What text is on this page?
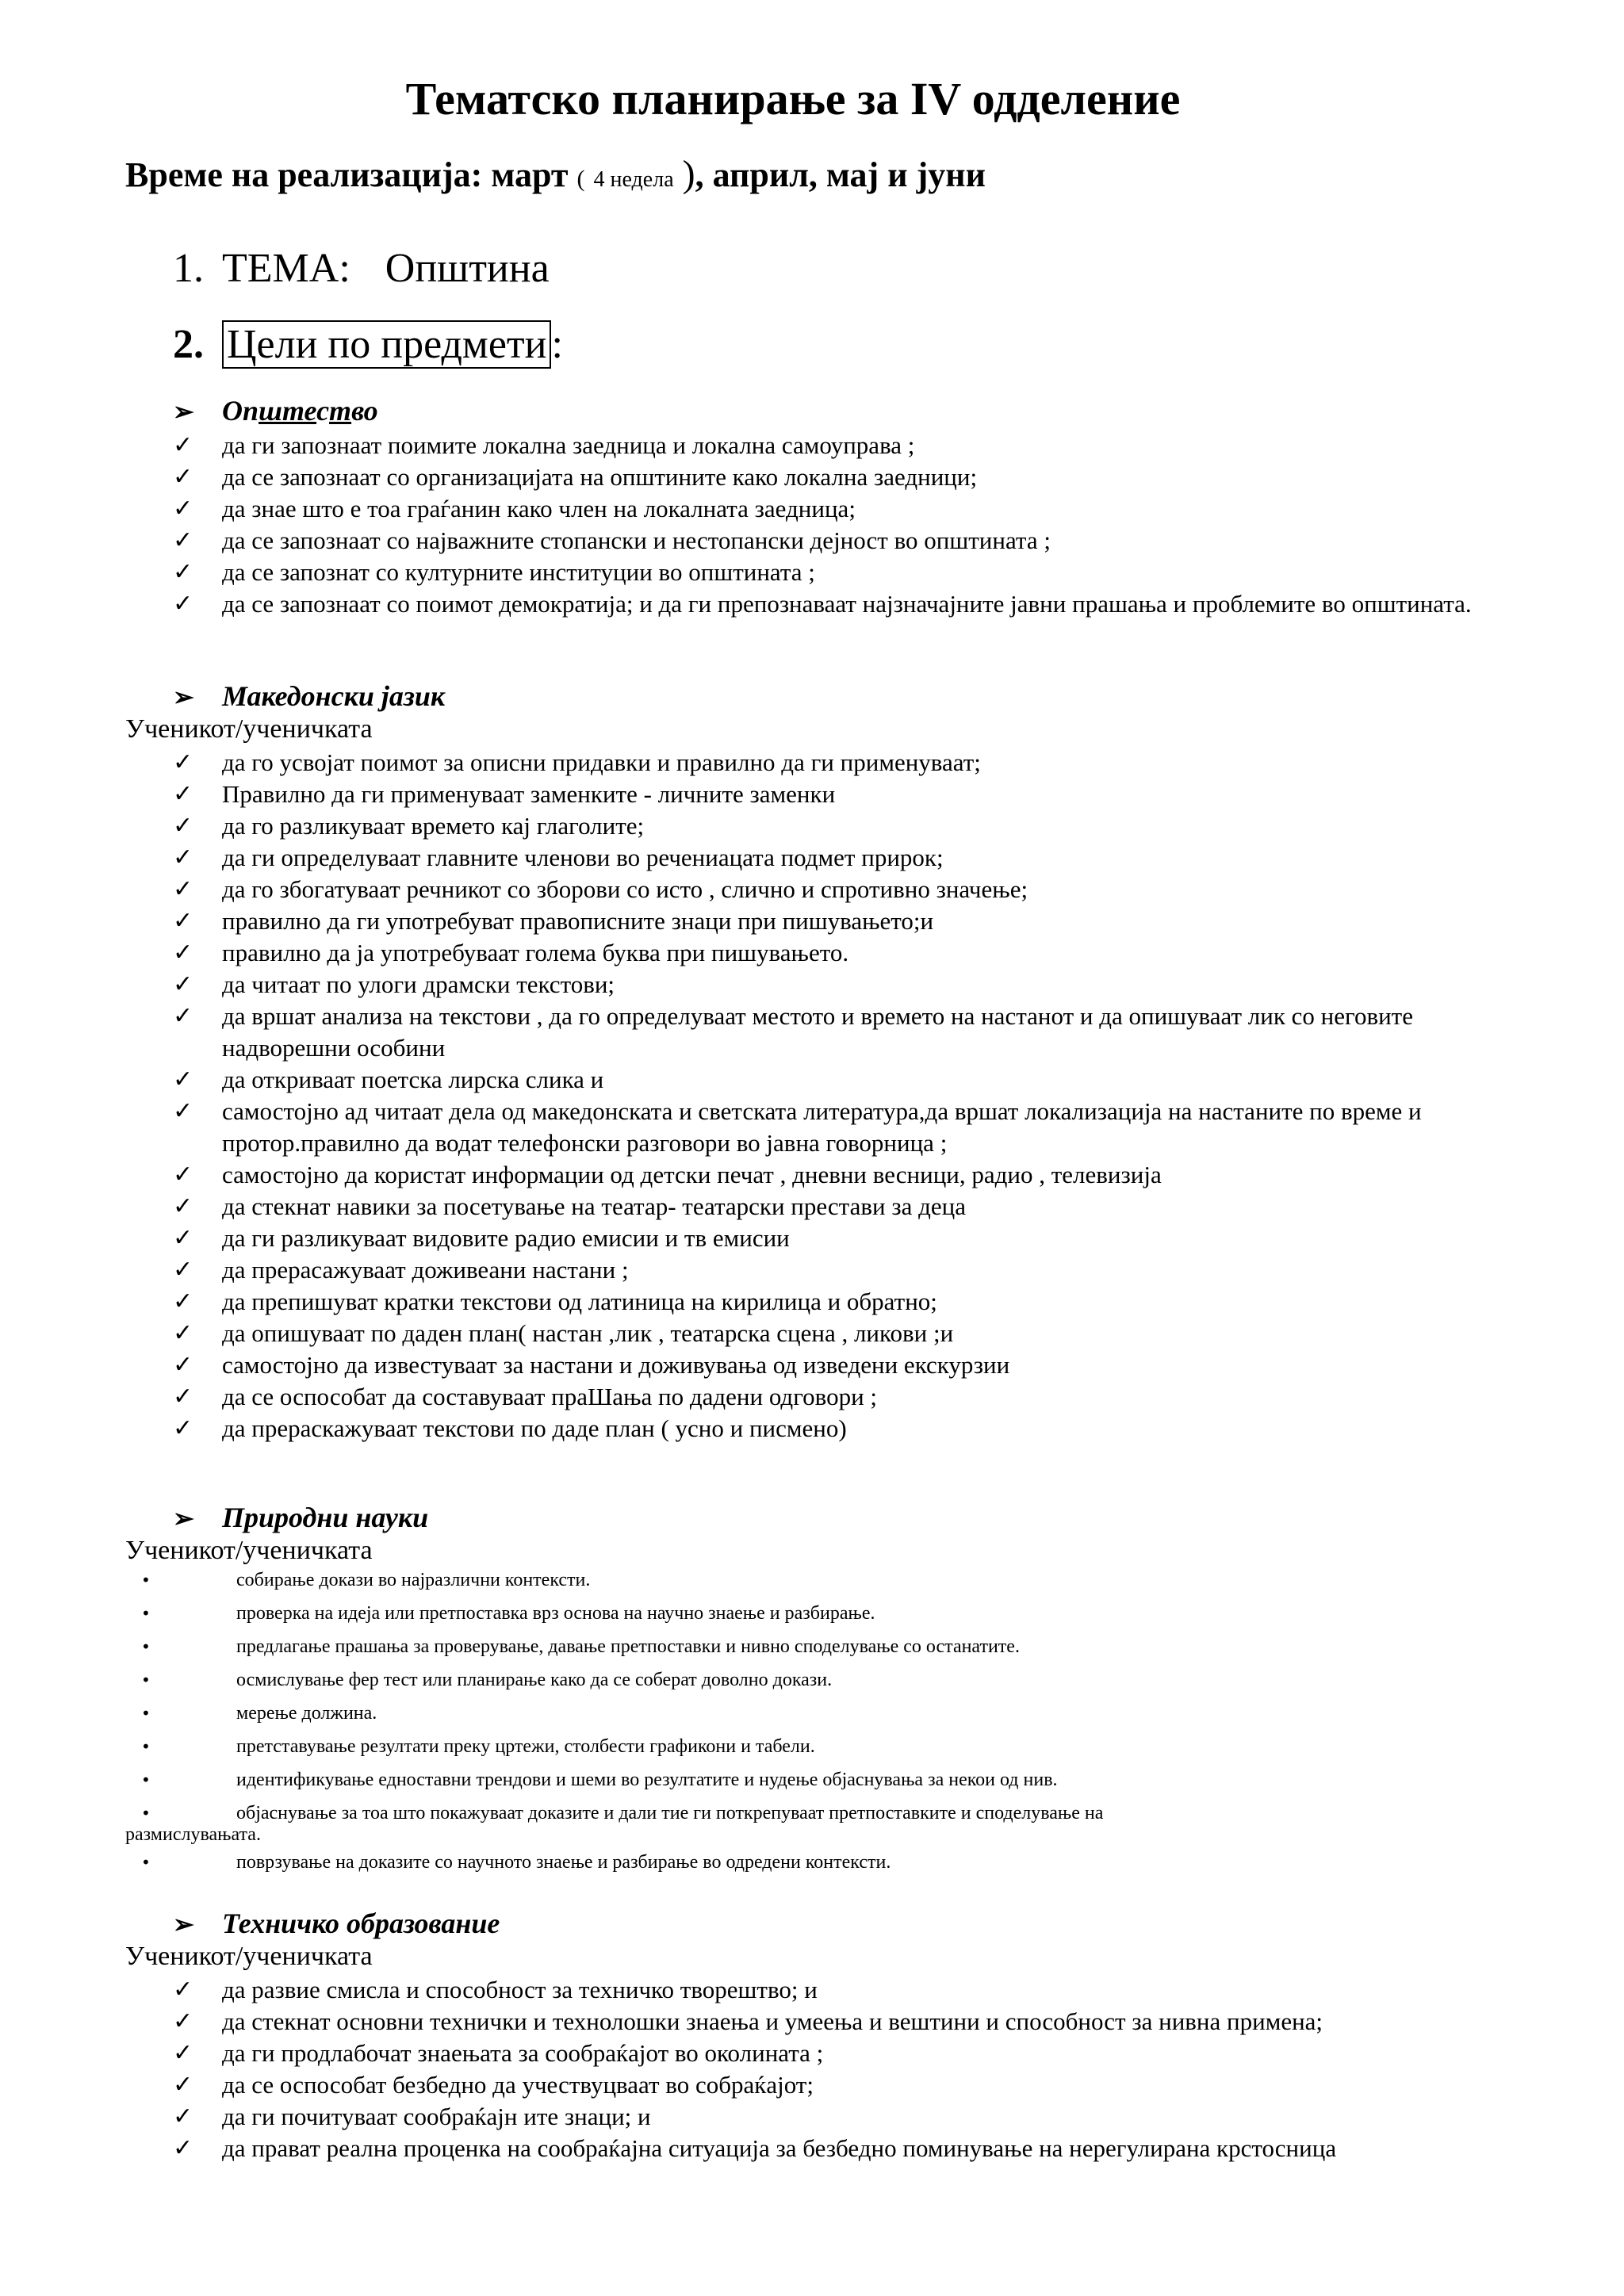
Тематско планирање за IV одделение
Време на реализација: март ( 4 недела ), април, мај и јуни
1. ТЕМА: Општина
2. Цели по предмети :
➢ Општество
✓ да ги запознаат поимите локална заедница и локална самоуправа ;
✓ да се запознаат со организацијата на општините како локална заедници;
✓ да знае што е тоа граѓанин како член на локалната заедница;
✓ да се запознаат со најважните стопански и нестопански дејност во општината ;
✓ да се запознат со културните институции во општината ;
✓ да се запознаат со поимот демократија; и да ги препознаваат најзначајните јавни прашања и проблемите во општината.
➢ Македонски јазик
Ученикот/ученичката
✓ да го усвојат поимот за описни придавки и правилно да ги применуваат;
✓ Правилно да ги применуваат заменките - личните заменки
✓ да го разликуваат времето кај глаголите;
✓ да ги определуваат главните членови во речениацата подмет прирок;
✓ да го збогатуваат речникот со зборови со исто , слично и спротивно значење;
✓ правилно да ги употребуват правописните знаци при пишувањето;и
✓ правилно да ја употребуваат голема буква при пишувањето.
✓ да читаат по улоги драмски текстови;
✓ да вршат анализа на текстови , да го определуваат местото и времето на настанот и да опишуваат лик со неговите надворешни особини
✓ да откриваат поетска лирска слика и
✓ самостојно ад читаат дела од македонската и светската литература,да вршат локализација на настаните по време и протор.правилно да водат телефонски разговори во јавна говорница ;
✓ самостојно да користат информации од детски печат , дневни весници, радио , телевизија
✓ да стекнат навики за посетување на театар- театарски престави за деца
✓ да ги разликуваат видовите радио емисии и тв емисии
✓ да прерасажуваат доживеани настани ;
✓ да препишуват кратки текстови од латиница на кирилица и обратно;
✓ да опишуваат по даден план( настан ,лик , театарска сцена , ликови ;и
✓ самостојно да известуваат за настани и доживувања од изведени екскурзии
✓ да се оспособат да составуваат праШања по дадени одговори ;
✓ да прераскажуваат текстови по даде план ( усно и писмено)
➢ Природни науки
Ученикот/ученичката
•	собирање докази во најразлични контексти.
•	проверка на идеја или претпоставка врз основа на научно знаење и разбирање.
•	предлагање прашања за проверување, давање претпоставки и нивно споделување со останатите.
•	осмислување фер тест или планирање како да се соберат доволно докази.
•	мерење должина.
•	претставување резултати преку цртежи, столбести графикони и табели.
•	идентификување едноставни трендови и шеми во резултатите и нудење објаснувања за некои од нив.
•	објаснување за тоа што покажуваат доказите и дали тие ги поткрепуваат претпоставките и споделување на
размислувањата.
•	поврзување на доказите со научното знаење и разбирање во одредени контексти.
➢ Техничко образование
Ученикот/ученичката
✓ да развие смисла и способност за техничко творештво; и
✓ да стекнат основни технички и технолошки знаења и умеења и вештини и способност за нивна примена;
✓ да ги продлабочат знаењата за сообраќајот во околината ;
✓ да се оспособат безбедно да учествуцваат во собраќајот;
✓ да ги почитуваат сообраќајн ите знаци; и
✓ да прават реална проценка на сообраќајна ситуација за безбедно поминување на нерегулирана крстосница
